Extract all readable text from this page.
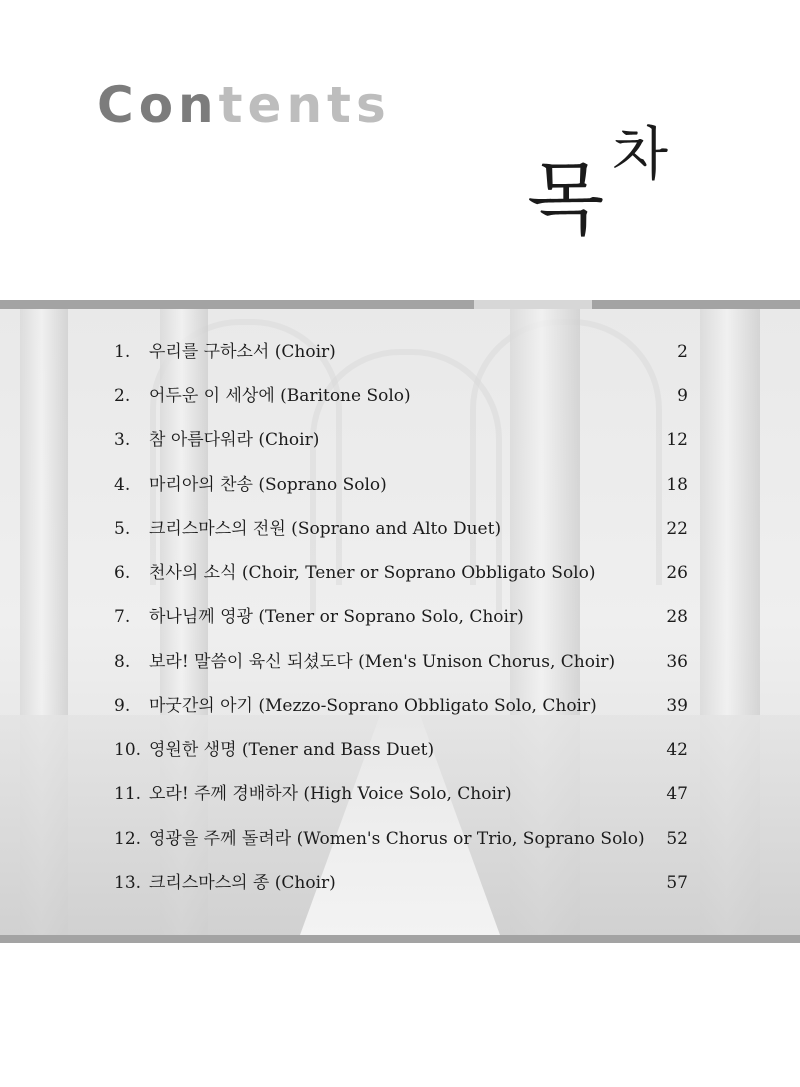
Contents
목 차
1. 우리를 구하소서 (Choir)	2
2. 어두운 이 세상에 (Baritone Solo)	9
3. 참 아름다워라 (Choir)	12
4. 마리아의 찬송 (Soprano Solo)	18
5. 크리스마스의 전원 (Soprano and Alto Duet)	22
6. 천사의 소식 (Choir, Tener or Soprano Obbligato Solo)	26
7. 하나님께 영광 (Tener or Soprano Solo, Choir)	28
8. 보라! 말씀이 육신 되셨도다 (Men's Unison Chorus, Choir)	36
9. 마굿간의 아기 (Mezzo-Soprano Obbligato Solo, Choir)	39
10. 영원한 생명 (Tener and Bass Duet)	42
11. 오라! 주께 경배하자 (High Voice Solo, Choir)	47
12. 영광을 주께 돌려라 (Women's Chorus or Trio, Soprano Solo) 52
13. 크리스마스의 종 (Choir)	57
